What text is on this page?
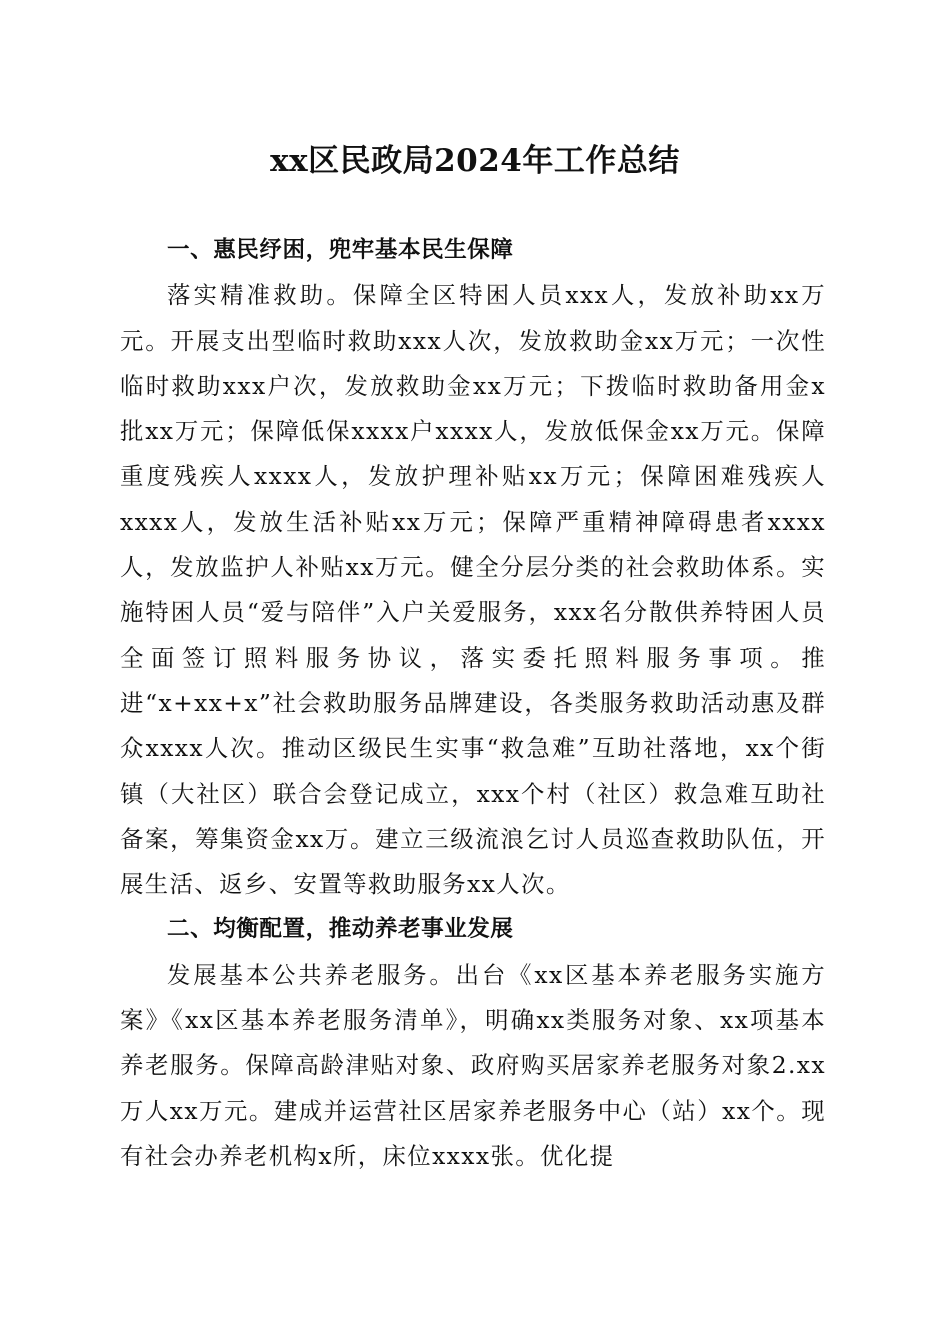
xx区民政局2024年工作总结

一、惠民纾困，兜牢基本民生保障

落实精准救助。保障全区特困人员xxx人，发放补助xx万元。开展支出型临时救助xxx人次，发放救助金xx万元；一次性临时救助xxx户次，发放救助金xx万元；下拨临时救助备用金x批xx万元；保障低保xxxx户xxxx人，发放低保金xx万元。保障重度残疾人xxxx人，发放护理补贴xx万元；保障困难残疾人xxxx人，发放生活补贴xx万元；保障严重精神障碍患者xxxx人，发放监护人补贴xx万元。健全分层分类的社会救助体系。实施特困人员“爱与陪伴”入户关爱服务，xxx名分散供养特困人员全面签订照料服务协议，落实委托照料服务事项。推进“x+xx+x”社会救助服务品牌建设，各类服务救助活动惠及群众xxxx人次。推动区级民生实事“救急难”互助社落地，xx个街镇（大社区）联合会登记成立，xxx个村（社区）救急难互助社备案，筹集资金xx万。建立三级流浪乞讨人员巡查救助队伍，开展生活、返乡、安置等救助服务xx人次。

二、均衡配置，推动养老事业发展

发展基本公共养老服务。出台《xx区基本养老服务实施方案》《xx区基本养老服务清单》，明确xx类服务对象、xx项基本养老服务。保障高龄津贴对象、政府购买居家养老服务对象2.xx万人xx万元。建成并运营社区居家养老服务中心（站）xx个。现有社会办养老机构x所，床位xxxx张。优化提
